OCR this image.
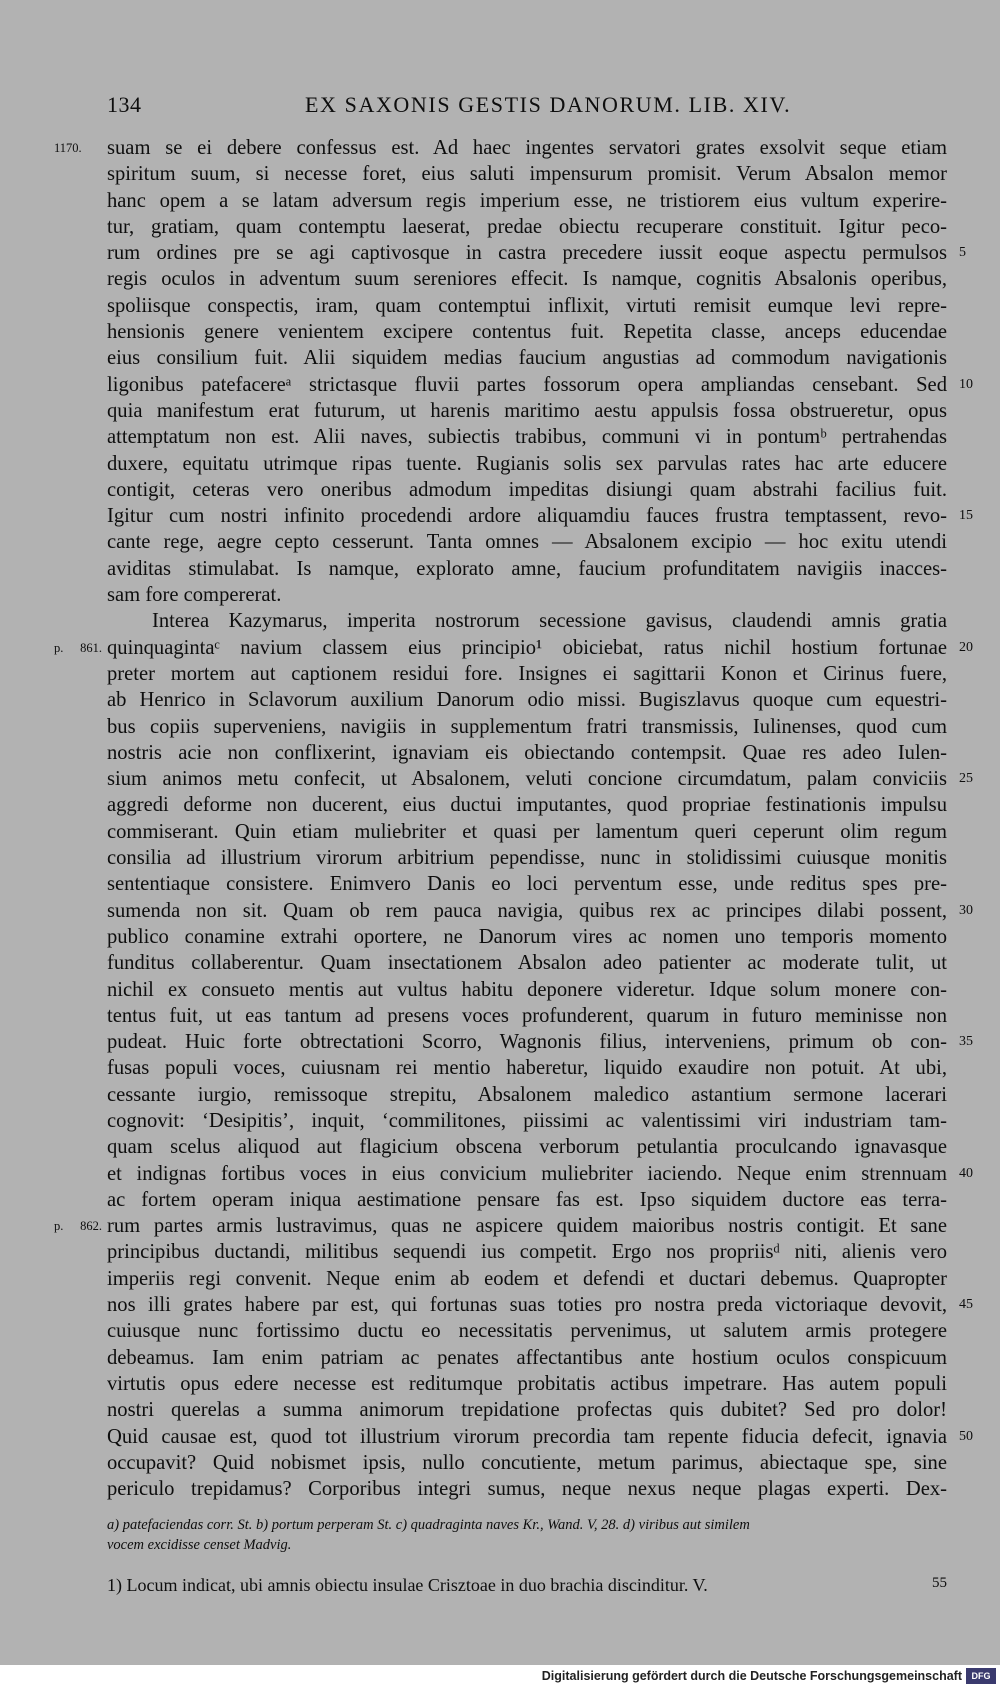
134	EX SAXONIS GESTIS DANORUM. LIB. XIV.
suam se ei debere confessus est. Ad haec ingentes servatori grates exsolvit seque etiam
1170.
spiritum suum, si necesse foret, eius saluti impensurum promisit. Verum Absalon memor
hanc opem a se latam adversum regis imperium esse, ne tristiorem eius vultum experire-
tur, gratiam, quam contemptu laeserat, predae obiectu recuperare constituit. Igitur peco-
rum ordines pre se agi captivosque in castra precedere iussit eoque aspectu permulsos 5
regis oculos in adventum suum sereniores effecit. Is namque, cognitis Absalonis operibus,
spoliisque conspectis, iram, quam contemptui inflixit, virtuti remisit eumque levi repre-
hensionis genere venientem excipere contentus fuit. Repetita classe, anceps educendae
eius consilium fuit. Alii siquidem medias faucium angustias ad commodum navigationis
ligonibus patefacereᵃ strictasque fluvii partes fossorum opera ampliandas censebant. Sed 10
quia manifestum erat futurum, ut harenis maritimo aestu appulsis fossa obstrueretur, opus
attemptatum non est. Alii naves, subiectis trabibus, communi vi in pontumᵇ pertrahendas
duxere, equitatu utrimque ripas tuente. Rugianis solis sex parvulas rates hac arte educere
contigit, ceteras vero oneribus admodum impeditas disiungi quam abstrahi facilius fuit.
Igitur cum nostri infinito procedendi ardore aliquamdiu fauces frustra temptassent, revo- 15
cante rege, aegre cepto cesserunt. Tanta omnes — Absalonem excipio — hoc exitu utendi
aviditas stimulabat. Is namque, explorato amne, faucium profunditatem navigiis inacces-
sam fore compererat.
Interea Kazymarus, imperita nostrorum secessione gavisus, claudendi amnis gratia
quinquagintaᶜ navium classem eius principio¹ obiciebat, ratus nichil hostium fortunae
p. 861.	20
preter mortem aut captionem residui fore. Insignes ei sagittarii Konon et Cirinus fuere,
ab Henrico in Sclavorum auxilium Danorum odio missi. Bugiszlavus quoque cum equestri-
bus copiis superveniens, navigiis in supplementum fratri transmissis, Iulinenses, quod cum
nostris acie non conflixerint, ignaviam eis obiectando contempsit. Quae res adeo Iulen-
sium animos metu confecit, ut Absalonem, veluti concione circumdatum, palam conviciis 25
aggredi deforme non ducerent, eius ductui imputantes, quod propriae festinationis impulsu
commiserant. Quin etiam muliebriter et quasi per lamentum queri ceperunt olim regum
consilia ad illustrium virorum arbitrium pependisse, nunc in stolidissimi cuiusque monitis
sententiaque consistere. Enimvero Danis eo loci perventum esse, unde reditus spes pre-
sumenda non sit. Quam ob rem pauca navigia, quibus rex ac principes dilabi possent, 30
publico conamine extrahi oportere, ne Danorum vires ac nomen uno temporis momento
funditus collaberentur. Quam insectationem Absalon adeo patienter ac moderate tulit, ut
nichil ex consueto mentis aut vultus habitu deponere videretur. Idque solum monere con-
tentus fuit, ut eas tantum ad presens voces profunderent, quarum in futuro meminisse non
pudeat. Huic forte obtrectationi Scorro, Wagnonis filius, interveniens, primum ob con- 35
fusas populi voces, cuiusnam rei mentio haberetur, liquido exaudire non potuit. At ubi,
cessante iurgio, remissoque strepitu, Absalonem maledico astantium sermone lacerari
cognovit: ‘Desipitis’, inquit, ‘commilitones, piissimi ac valentissimi viri industriam tam-
quam scelus aliquod aut flagicium obscena verborum petulantia proculcando ignavasque
et indignas fortibus voces in eius convicium muliebriter iaciendo. Neque enim strennuam 40
ac fortem operam iniqua aestimatione pensare fas est. Ipso siquidem ductore eas terra-
rum partes armis lustravimus, quas ne aspicere quidem maioribus nostris contigit. Et sane
p. 862.
principibus ductandi, militibus sequendi ius competit. Ergo nos propriisᵈ niti, alienis vero
imperiis regi convenit. Neque enim ab eodem et defendi et ductari debemus. Quapropter
nos illi grates habere par est, qui fortunas suas toties pro nostra preda victoriaque devovit, 45
cuiusque nunc fortissimo ductu eo necessitatis pervenimus, ut salutem armis protegere
debeamus. Iam enim patriam ac penates affectantibus ante hostium oculos conspicuum
virtutis opus edere necesse est reditumque probitatis actibus impetrare. Has autem populi
nostri querelas a summa animorum trepidatione profectas quis dubitet? Sed pro dolor!
Quid causae est, quod tot illustrium virorum precordia tam repente fiducia defecit, ignavia 50
occupavit? Quid nobismet ipsis, nullo concutiente, metum parimus, abiectaque spe, sine
periculo trepidamus? Corporibus integri sumus, neque nexus neque plagas experti. Dex-
a) patefaciendas corr. St. b) portum perperam St. c) quadraginta naves Kr., Wand. V, 28. d) viribus aut similem
vocem excidisse censet Madvig.
1) Locum indicat, ubi amnis obiectu insulae Crisztoae in duo brachia discinditur. V.	55
Digitalisierung gefördert durch die Deutsche Forschungsgemeinschaft	DFG
